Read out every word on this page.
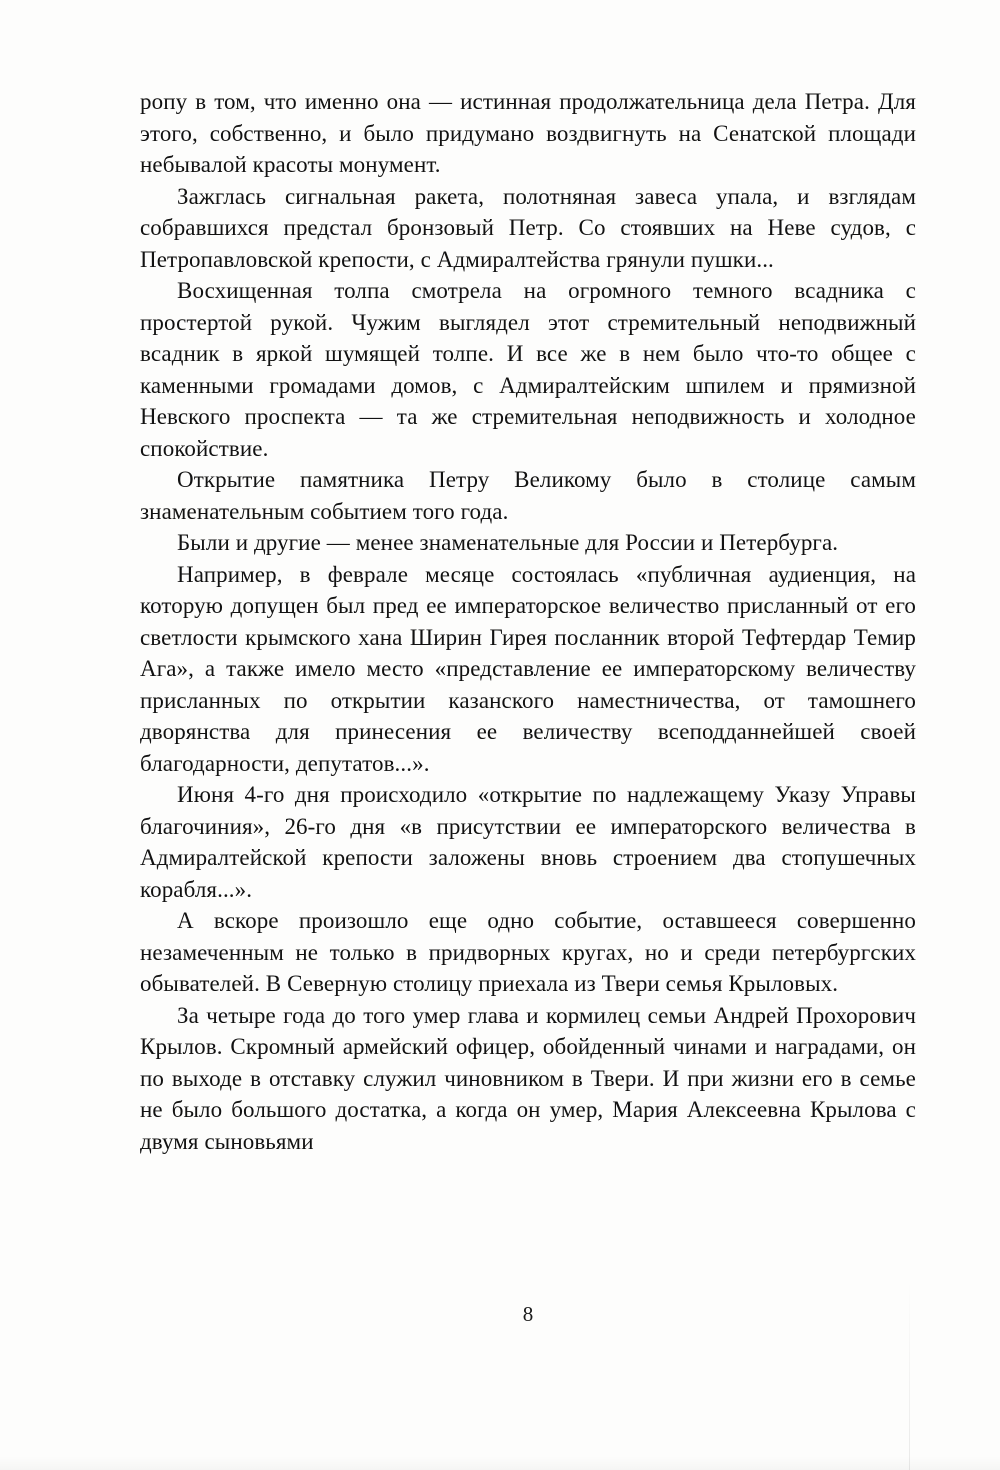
ропу в том, что именно она — истинная продолжательница дела Петра. Для этого, собственно, и было придумано воздвигнуть на Сенатской площади небывалой красоты монумент.

Зажглась сигнальная ракета, полотняная завеса упала, и взглядам собравшихся предстал бронзовый Петр. Со стоявших на Неве судов, с Петропавловской крепости, с Адмиралтейства грянули пушки...

Восхищенная толпа смотрела на огромного темного всадника с простертой рукой. Чужим выглядел этот стремительный неподвижный всадник в яркой шумящей толпе. И все же в нем было что-то общее с каменными громадами домов, с Адмиралтейским шпилем и прямизной Невского проспекта — та же стремительная неподвижность и холодное спокойствие.

Открытие памятника Петру Великому было в столице самым знаменательным событием того года.

Были и другие — менее знаменательные для России и Петербурга.

Например, в феврале месяце состоялась «публичная аудиенция, на которую допущен был пред ее императорское величество присланный от его светлости крымского хана Ширин Гирея посланник второй Тефтердар Темир Ага», а также имело место «представление ее императорскому величеству присланных по открытии казанского наместничества, от тамошнего дворянства для принесения ее величеству всеподданнейшей своей благодарности, депутатов...».

Июня 4-го дня происходило «открытие по надлежащему Указу Управы благочиния», 26-го дня «в присутствии ее императорского величества в Адмиралтейской крепости заложены вновь строением два стопушечных корабля...».

А вскоре произошло еще одно событие, оставшееся совершенно незамеченным не только в придворных кругах, но и среди петербургских обывателей. В Северную столицу приехала из Твери семья Крыловых.

За четыре года до того умер глава и кормилец семьи Андрей Прохорович Крылов. Скромный армейский офицер, обойденный чинами и наградами, он по выходе в отставку служил чиновником в Твери. И при жизни его в семье не было большого достатка, а когда он умер, Мария Алексеевна Крылова с двумя сыновьями

8
